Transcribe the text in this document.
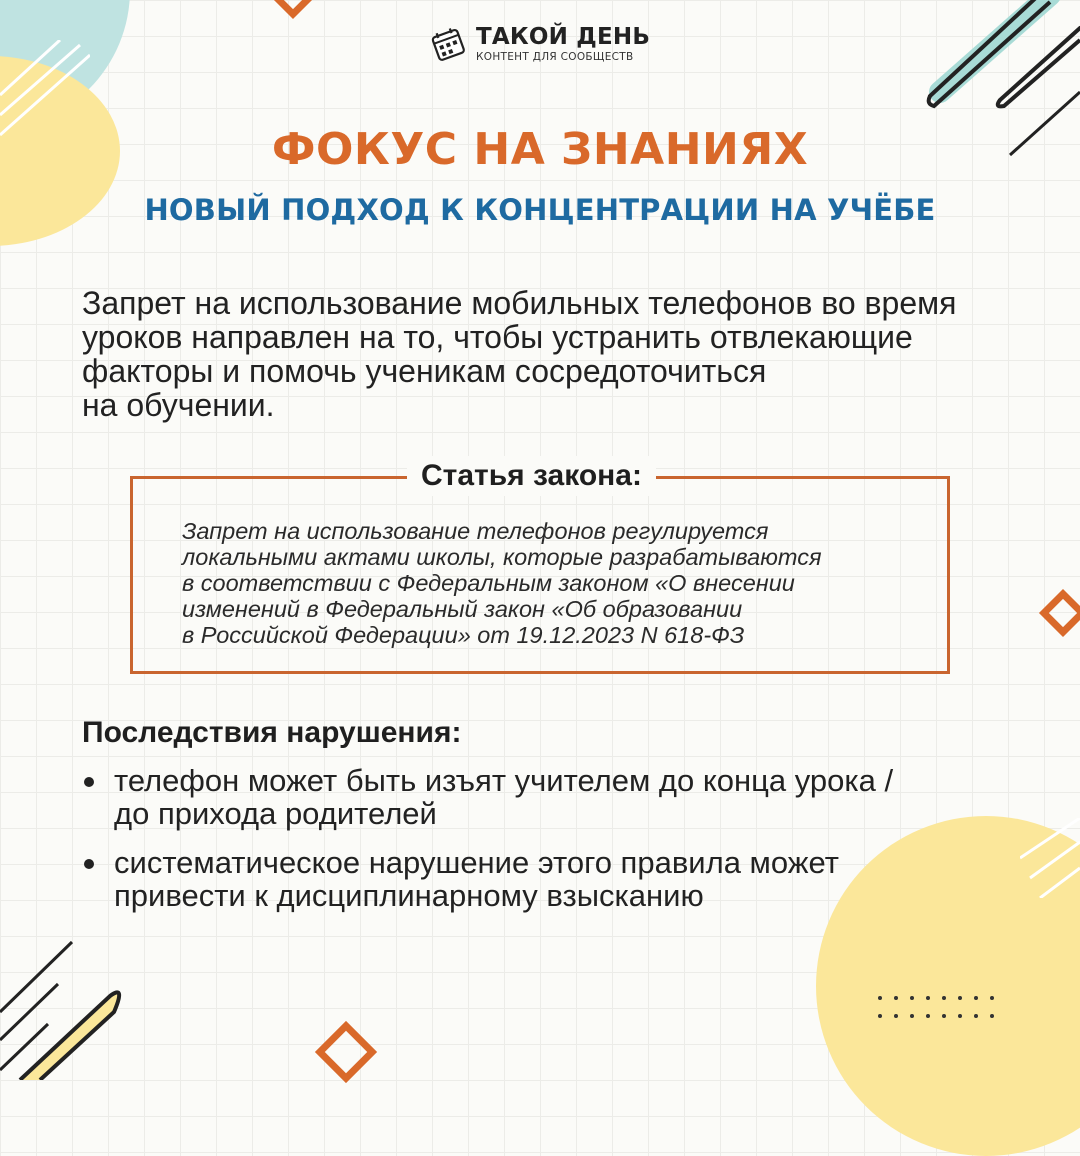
ТАКОЙ ДЕНЬ
КОНТЕНТ ДЛЯ СООБЩЕСТВ
ФОКУС НА ЗНАНИЯХ
НОВЫЙ ПОДХОД К КОНЦЕНТРАЦИИ НА УЧЁБЕ

Запрет на использование мобильных телефонов во время
уроков направлен на то, чтобы устранить отвлекающие
факторы и помочь ученикам сосредоточиться
на обучении.

Статья закона:

Запрет на использование телефонов регулируется
локальными актами школы, которые разрабатываются
в соответствии с Федеральным законом «О внесении
изменений в Федеральный закон «Об образовании
в Российской Федерации» от 19.12.2023 N 618-ФЗ

Последствия нарушения:
телефон может быть изъят учителем до конца урока /
до прихода родителей
систематическое нарушение этого правила может
привести к дисциплинарному взысканию
